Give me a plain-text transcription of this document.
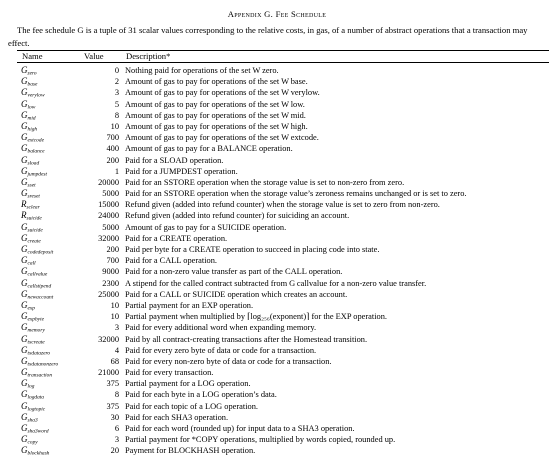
Appendix G. Fee Schedule
The fee schedule G is a tuple of 31 scalar values corresponding to the relative costs, in gas, of a number of abstract operations that a transaction may effect.
Name	Value	Description*
$G_{zero}$	0 Nothing paid for operations of the set W zero.
$G_{base}$	2 Amount of gas to pay for operations of the set W base.
$G_{verylow}$	3 Amount of gas to pay for operations of the set W verylow.
$G_{low}$	5 Amount of gas to pay for operations of the set W low.
$G_{mid}$	8 Amount of gas to pay for operations of the set W mid.
$G_{high}$	10 Amount of gas to pay for operations of the set W high.
$G_{extcode}$	700 Amount of gas to pay for operations of the set W extcode.
$G_{balance}$	400 Amount of gas to pay for a BALANCE operation.
$G_{sload}$	200 Paid for a SLOAD operation.
$G_{jumpdest}$	1 Paid for a JUMPDEST operation.
$G_{sset}$	20000 Paid for an SSTORE operation when the storage value is set to non-zero from zero.
$G_{sreset}$	5000 Paid for an SSTORE operation when the storage value’s zeroness remains unchanged or is set to zero.
$R_{sclear}$	15000 Refund given (added into refund counter) when the storage value is set to zero from non-zero.
$R_{suicide}$	24000 Refund given (added into refund counter) for suiciding an account.
$G_{suicide}$	5000 Amount of gas to pay for a SUICIDE operation.
$G_{create}$	32000 Paid for a CREATE operation.
$G_{codedeposit}$	200 Paid per byte for a CREATE operation to succeed in placing code into state.
$G_{call}$	700 Paid for a CALL operation.
$G_{callvalue}$	9000 Paid for a non-zero value transfer as part of the CALL operation.
$G_{callstipend}$	2300 A stipend for the called contract subtracted from G callvalue for a non-zero value transfer.
$G_{newaccount}$	25000 Paid for a CALL or SUICIDE operation which creates an account.
$G_{exp}$	10 Partial payment for an EXP operation.
$G_{expbyte}$	10 Partial payment when multiplied by ⌈log₂₅₆(exponent)⌉ for the EXP operation.
$G_{memory}$	3 Paid for every additional word when expanding memory.
$G_{txcreate}$	32000 Paid by all contract-creating transactions after the Homestead transition.
$G_{txdatazero}$	4 Paid for every zero byte of data or code for a transaction.
$G_{txdatanonzero}$	68 Paid for every non-zero byte of data or code for a transaction.
$G_{transaction}$	21000 Paid for every transaction.
$G_{log}$	375 Partial payment for a LOG operation.
$G_{logdata}$	8 Paid for each byte in a LOG operation’s data.
$G_{logtopic}$	375 Paid for each topic of a LOG operation.
$G_{sha3}$	30 Paid for each SHA3 operation.
$G_{sha3word}$	6 Paid for each word (rounded up) for input data to a SHA3 operation.
$G_{copy}$	3 Partial payment for *COPY operations, multiplied by words copied, rounded up.
$G_{blockhash}$	20 Payment for BLOCKHASH operation.
